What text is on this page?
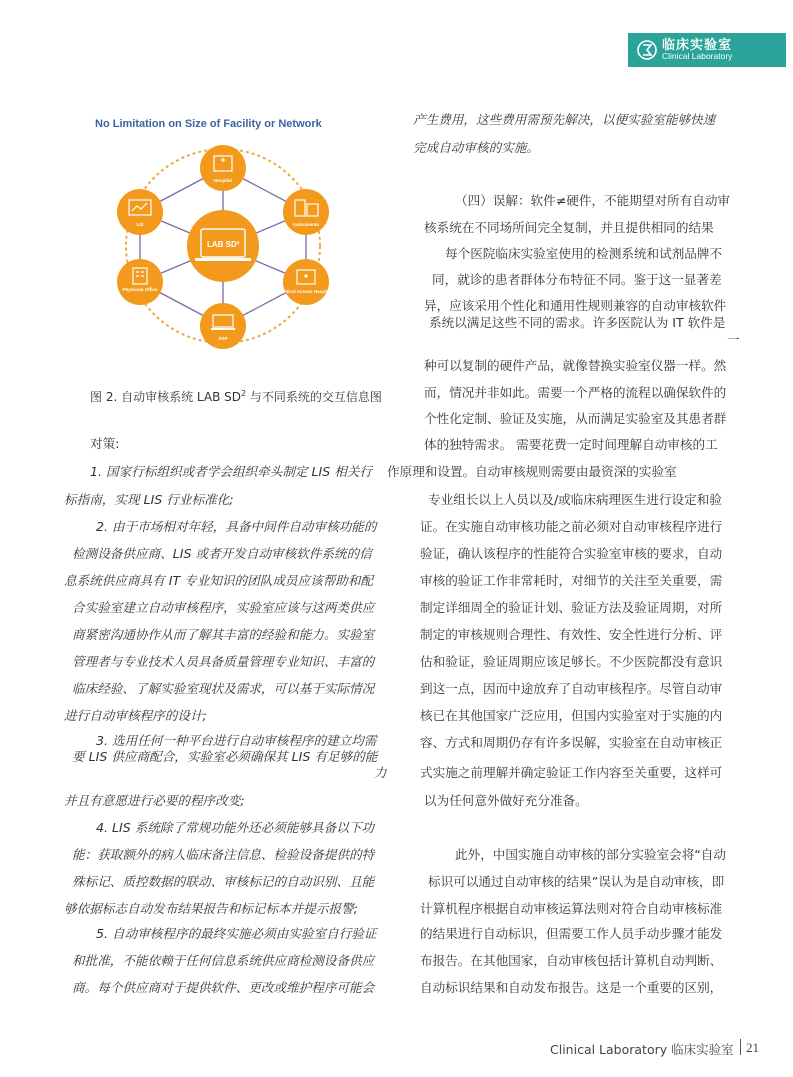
临床实验室
Clinical Laboratory
No Limitation on Size of Facility or Network
LAB SD²
Hospital
Instruments
Critical Access Hospital
SSP
Physician Office
LIS
图 2. 自动审核系统 LAB $SD^2$ 与不同系统的交互信息图
对策:
1. 国家行标组织或者学会组织牵头制定 LIS 相关行
标指南，实现 LIS 行业标准化;
2. 由于市场相对年轻，具备中间件自动审核功能的
检测设备供应商、LIS 或者开发自动审核软件系统的信
息系统供应商具有 IT 专业知识的团队成员应该帮助和配
合实验室建立自动审核程序，实验室应该与这两类供应
商紧密沟通协作从而了解其丰富的经验和能力。实验室
管理者与专业技术人员具备质量管理专业知识、丰富的
临床经验、了解实验室现状及需求，可以基于实际情况
进行自动审核程序的设计;
3. 选用任何一种平台进行自动审核程序的建立均需
要 LIS 供应商配合，实验室必须确保其 LIS 有足够的能
力
并且有意愿进行必要的程序改变;
4. LIS 系统除了常规功能外还必须能够具备以下功
能：获取额外的病人临床备注信息、检验设备提供的特
殊标记、质控数据的联动、审核标记的自动识别、且能
够依据标志自动发布结果报告和标记标本并提示报警;
5. 自动审核程序的最终实施必须由实验室自行验证
和批准，不能依赖于任何信息系统供应商检测设备供应
商。每个供应商对于提供软件、更改或维护程序可能会
产生费用，这些费用需预先解决，以便实验室能够快速
完成自动审核的实施。
（四）误解：软件≠硬件，不能期望对所有自动审
核系统在不同场所间完全复制，并且提供相同的结果
每个医院临床实验室使用的检测系统和试剂品牌不
同，就诊的患者群体分布特征不同。鉴于这一显著差
异，应该采用个性化和通用性规则兼容的自动审核软件
系统以满足这些不同的需求。许多医院认为 IT 软件是
一
种可以复制的硬件产品，就像替换实验室仪器一样。然
而，情况并非如此。需要一个严格的流程以确保软件的
个性化定制、验证及实施，从而满足实验室及其患者群
体的独特需求。 需要花费一定时间理解自动审核的工
作原理和设置。自动审核规则需要由最资深的实验室
专业组长以上人员以及/或临床病理医生进行设定和验
证。在实施自动审核功能之前必须对自动审核程序进行
验证，确认该程序的性能符合实验室审核的要求，自动
审核的验证工作非常耗时，对细节的关注至关重要，需
制定详细周全的验证计划、验证方法及验证周期，对所
制定的审核规则合理性、有效性、安全性进行分析、评
估和验证，验证周期应该足够长。不少医院都没有意识
到这一点，因而中途放弃了自动审核程序。尽管自动审
核已在其他国家广泛应用，但国内实验室对于实施的内
容、方式和周期仍存有许多误解，实验室在自动审核正
式实施之前理解并确定验证工作内容至关重要，这样可
以为任何意外做好充分准备。
此外，中国实施自动审核的部分实验室会将“自动
标识可以通过自动审核的结果”误认为是自动审核，即
计算机程序根据自动审核运算法则对符合自动审核标准
的结果进行自动标识，但需要工作人员手动步骤才能发
布报告。在其他国家，自动审核包括计算机自动判断、
自动标识结果和自动发布报告。这是一个重要的区别，
Clinical Laboratory 临床实验室 21
